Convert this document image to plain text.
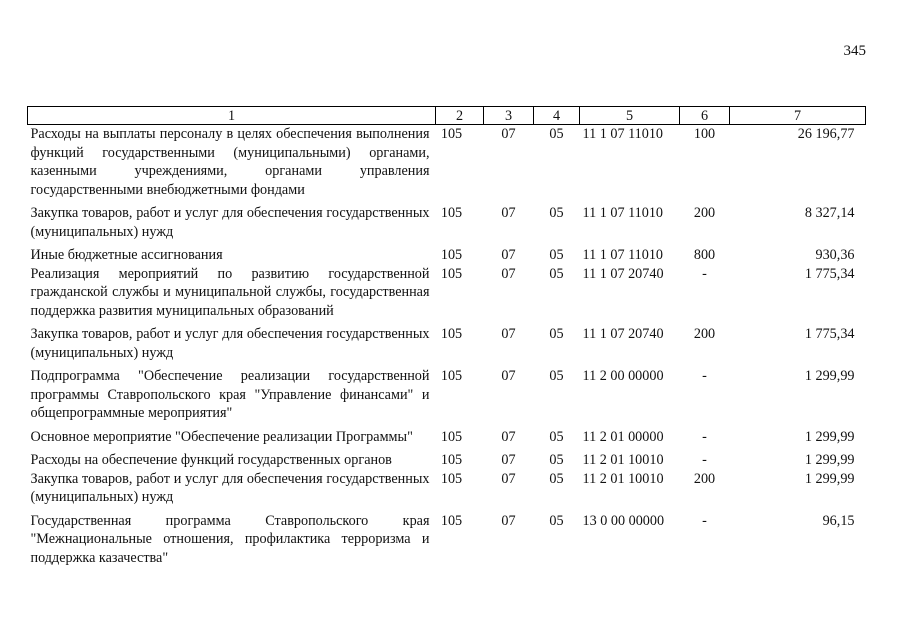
345
1	2	3	4	5	6	7
Расходы на выплаты персоналу в целях обеспечения выполнения функций государственными (муниципальными) органами, казенными учреждениями, органами управления государственными внебюджетными фондами	105	07	05	11 1 07 11010	100	26 196,77
Закупка товаров, работ и услуг для обеспечения государственных (муниципальных) нужд	105	07	05	11 1 07 11010	200	8 327,14
Иные бюджетные ассигнования	105	07	05	11 1 07 11010	800	930,36
Реализация мероприятий по развитию государственной гражданской службы и муниципальной службы, государственная поддержка развития муниципальных образований	105	07	05	11 1 07 20740	-	1 775,34
Закупка товаров, работ и услуг для обеспечения государственных (муниципальных) нужд	105	07	05	11 1 07 20740	200	1 775,34
Подпрограмма "Обеспечение реализации государственной программы Ставропольского края "Управление финансами" и общепрограммные мероприятия"	105	07	05	11 2 00 00000	-	1 299,99
Основное мероприятие "Обеспечение реализации Программы"	105	07	05	11 2 01 00000	-	1 299,99
Расходы на обеспечение функций государственных органов	105	07	05	11 2 01 10010	-	1 299,99
Закупка товаров, работ и услуг для обеспечения государственных (муниципальных) нужд	105	07	05	11 2 01 10010	200	1 299,99
Государственная программа Ставропольского края "Межнациональные отношения, профилактика терроризма и поддержка казачества"	105	07	05	13 0 00 00000	-	96,15
